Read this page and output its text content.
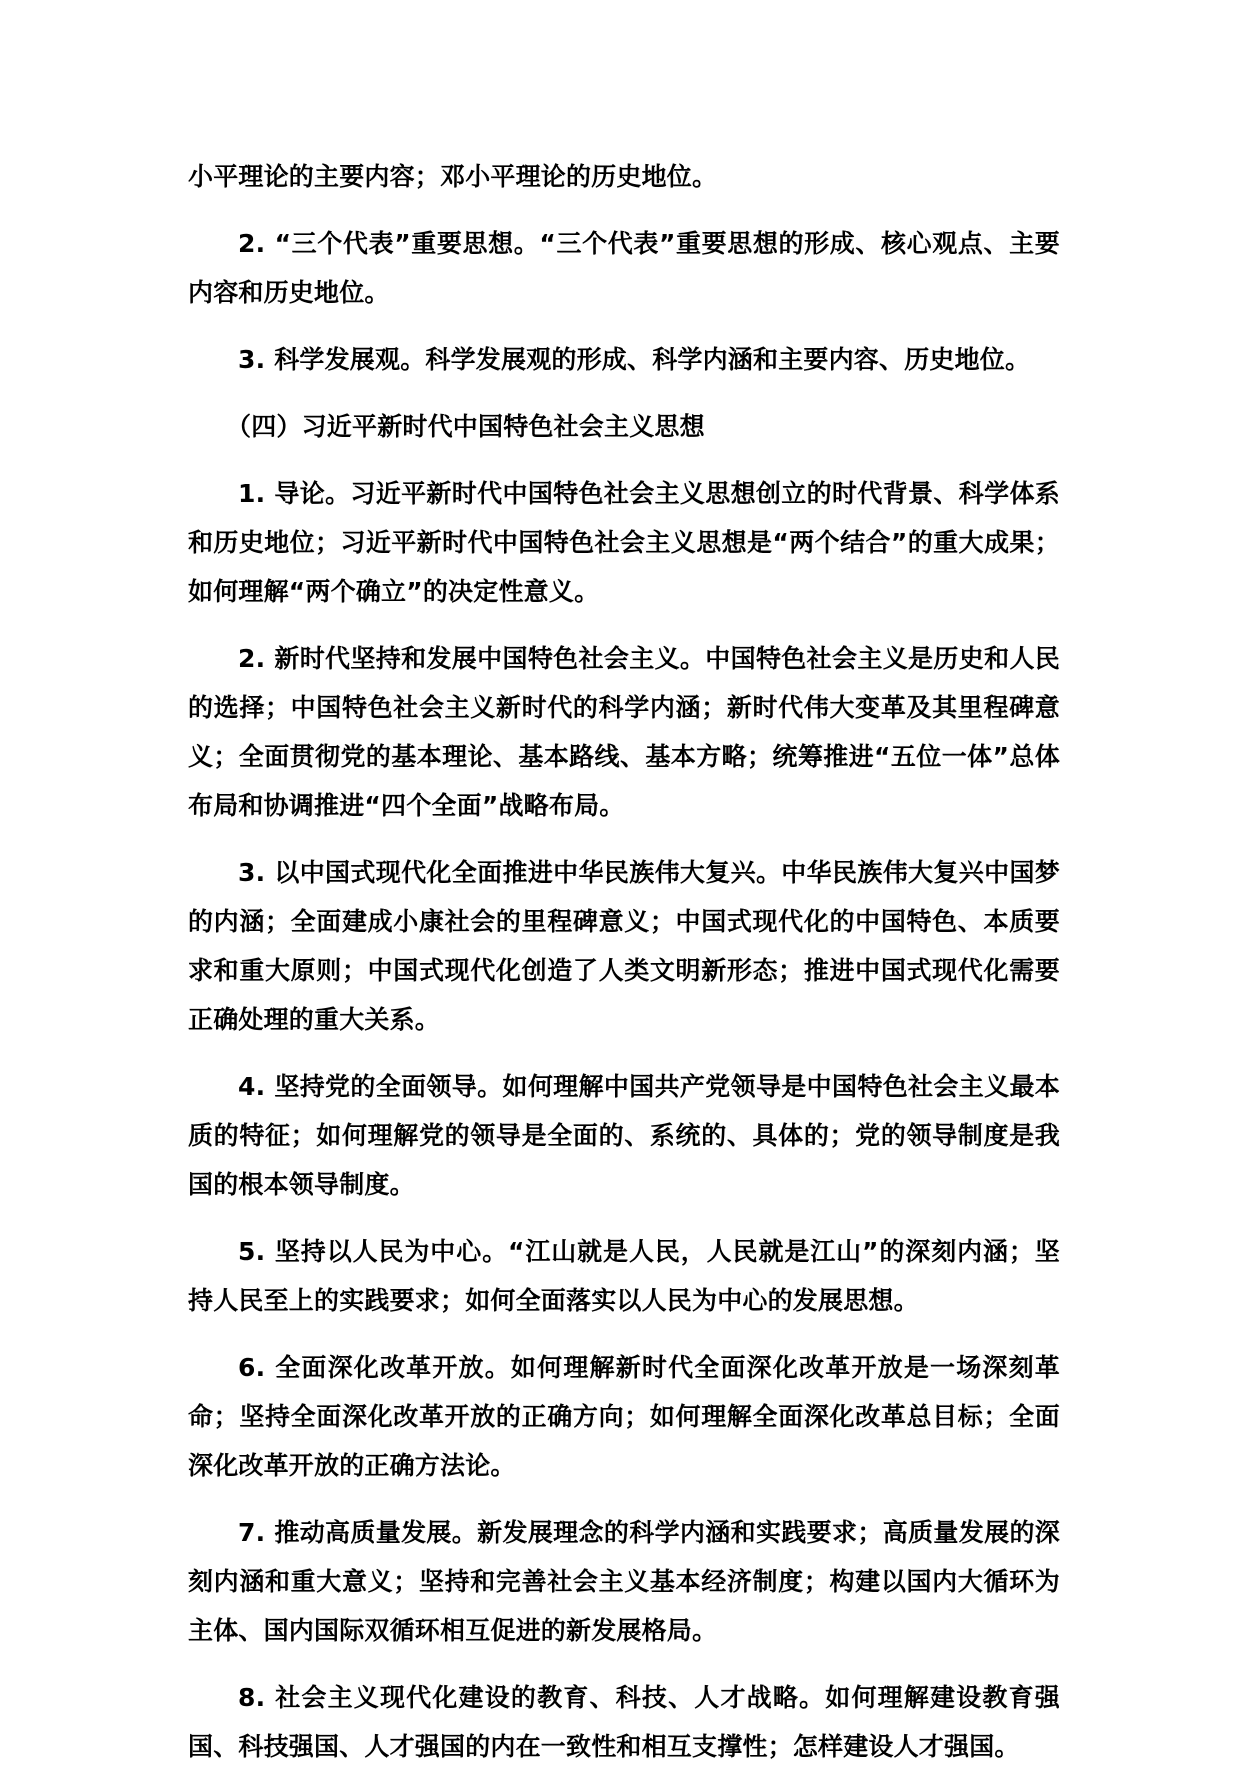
小平理论的主要内容；邓小平理论的历史地位。

2. “三个代表”重要思想。“三个代表”重要思想的形成、核心观点、主要内容和历史地位。

3. 科学发展观。科学发展观的形成、科学内涵和主要内容、历史地位。

（四）习近平新时代中国特色社会主义思想

1. 导论。习近平新时代中国特色社会主义思想创立的时代背景、科学体系和历史地位；习近平新时代中国特色社会主义思想是“两个结合”的重大成果；如何理解“两个确立”的决定性意义。

2. 新时代坚持和发展中国特色社会主义。中国特色社会主义是历史和人民的选择；中国特色社会主义新时代的科学内涵；新时代伟大变革及其里程碑意义；全面贯彻党的基本理论、基本路线、基本方略；统筹推进“五位一体”总体布局和协调推进“四个全面”战略布局。

3. 以中国式现代化全面推进中华民族伟大复兴。中华民族伟大复兴中国梦的内涵；全面建成小康社会的里程碑意义；中国式现代化的中国特色、本质要求和重大原则；中国式现代化创造了人类文明新形态；推进中国式现代化需要正确处理的重大关系。

4. 坚持党的全面领导。如何理解中国共产党领导是中国特色社会主义最本质的特征；如何理解党的领导是全面的、系统的、具体的；党的领导制度是我国的根本领导制度。

5. 坚持以人民为中心。“江山就是人民，人民就是江山”的深刻内涵；坚持人民至上的实践要求；如何全面落实以人民为中心的发展思想。

6. 全面深化改革开放。如何理解新时代全面深化改革开放是一场深刻革命；坚持全面深化改革开放的正确方向；如何理解全面深化改革总目标；全面深化改革开放的正确方法论。

7. 推动高质量发展。新发展理念的科学内涵和实践要求；高质量发展的深刻内涵和重大意义；坚持和完善社会主义基本经济制度；构建以国内大循环为主体、国内国际双循环相互促进的新发展格局。

8. 社会主义现代化建设的教育、科技、人才战略。如何理解建设教育强国、科技强国、人才强国的内在一致性和相互支撑性；怎样建设人才强国。
